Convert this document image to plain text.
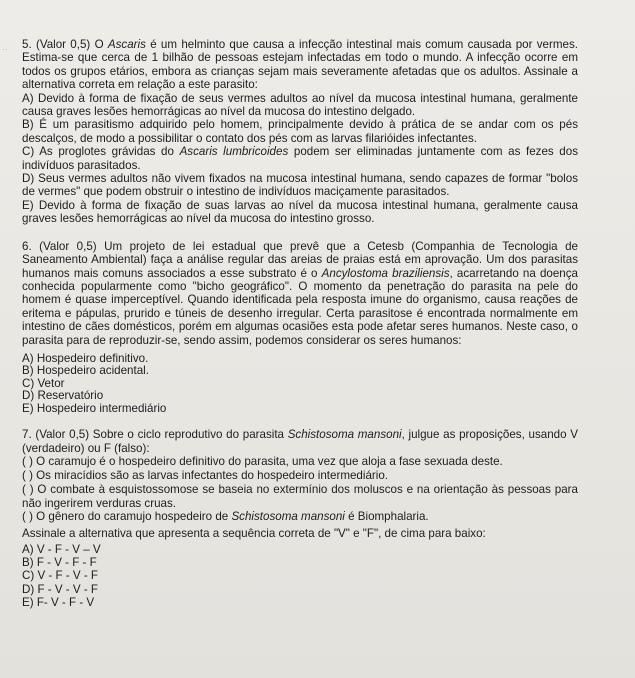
·· 5. (Valor 0,5) O Ascaris é um helminto que causa a infecção intestinal mais comum causada por vermes. Estima-se que cerca de 1 bilhão de pessoas estejam infectadas em todo o mundo. A infecção ocorre em todos os grupos etários, embora as crianças sejam mais severamente afetadas que os adultos. Assinale a alternativa correta em relação a este parasito:

A) Devido à forma de fixação de seus vermes adultos ao nível da mucosa intestinal humana, geralmente causa graves lesões hemorrágicas ao nível da mucosa do intestino delgado.

B) É um parasitismo adquirido pelo homem, principalmente devido à prática de se andar com os pés descalços, de modo a possibilitar o contato dos pés com as larvas filarióides infectantes.

C) As proglotes grávidas do Ascaris lumbricoides podem ser eliminadas juntamente com as fezes dos indivíduos parasitados.

D) Seus vermes adultos não vivem fixados na mucosa intestinal humana, sendo capazes de formar "bolos de vermes" que podem obstruir o intestino de indivíduos maciçamente parasitados.

E) Devido à forma de fixação de suas larvas ao nível da mucosa intestinal humana, geralmente causa graves lesões hemorrágicas ao nível da mucosa do intestino grosso.

6. (Valor 0,5) Um projeto de lei estadual que prevê que a Cetesb (Companhia de Tecnologia de Saneamento Ambiental) faça a análise regular das areias de praias está em aprovação. Um dos parasitas humanos mais comuns associados a esse substrato é o Ancylostoma braziliensis, acarretando na doença conhecida popularmente como "bicho geográfico". O momento da penetração do parasita na pele do homem é quase imperceptível. Quando identificada pela resposta imune do organismo, causa reações de eritema e pápulas, prurido e túneis de desenho irregular. Certa parasitose é encontrada normalmente em intestino de cães domésticos, porém em algumas ocasiões esta pode afetar seres humanos. Neste caso, o parasita para de reproduzir-se, sendo assim, podemos considerar os seres humanos:

A) Hospedeiro definitivo.

B) Hospedeiro acidental.

C) Vetor

D) Reservatório

E) Hospedeiro intermediário

7. (Valor 0,5) Sobre o ciclo reprodutivo do parasita Schistosoma mansoni, julgue as proposições, usando V (verdadeiro) ou F (falso):

( ) O caramujo é o hospedeiro definitivo do parasita, uma vez que aloja a fase sexuada deste.

( ) Os miracídios são as larvas infectantes do hospedeiro intermediário.

( ) O combate à esquistossomose se baseia no extermínio dos moluscos e na orientação às pessoas para não ingerirem verduras cruas.

( ) O gênero do caramujo hospedeiro de Schistosoma mansoni é Biomphalaria.

Assinale a alternativa que apresenta a sequência correta de "V" e "F", de cima para baixo:

A) V - F - V – V

B) F - V - F - F

C) V - F - V - F

D) F - V - V - F

E) F- V - F - V
